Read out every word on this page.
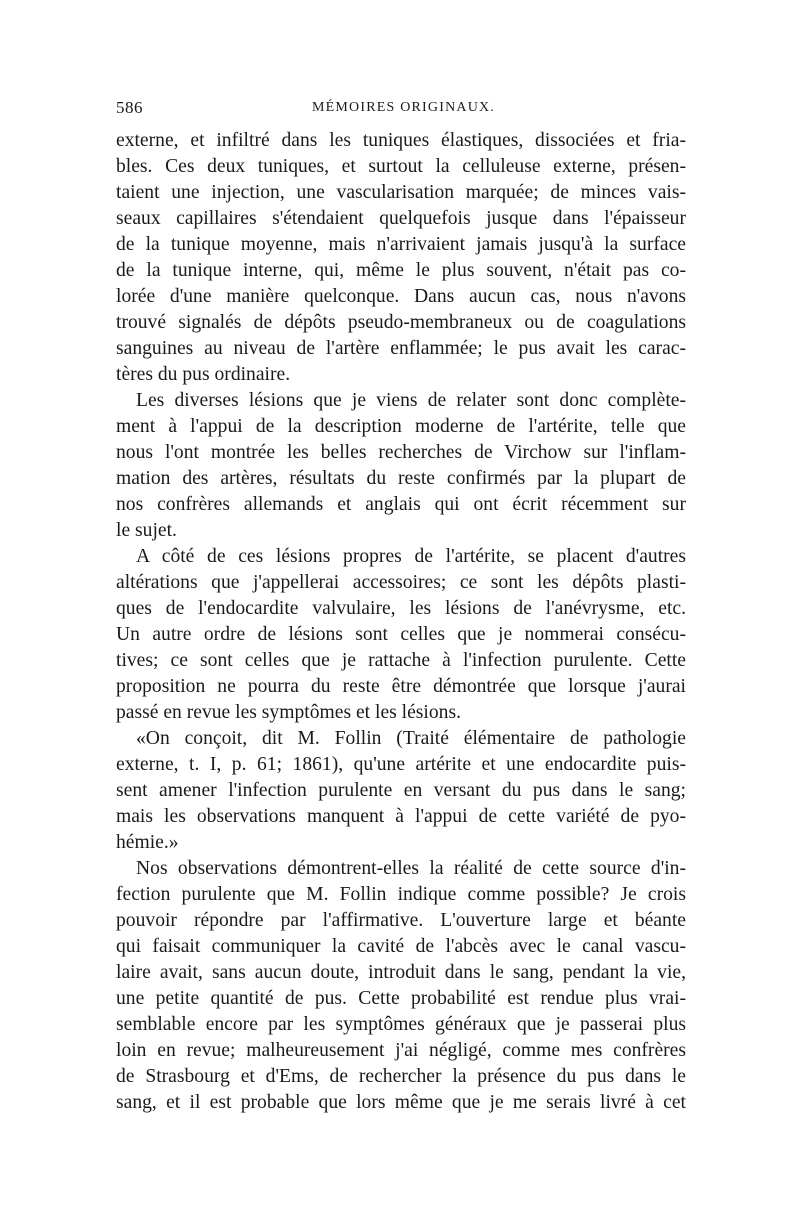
586	MÉMOIRES ORIGINAUX.
externe, et infiltré dans les tuniques élastiques, dissociées et fria-
bles. Ces deux tuniques, et surtout la celluleuse externe, présen-
taient une injection, une vascularisation marquée; de minces vais-
seaux capillaires s'étendaient quelquefois jusque dans l'épaisseur
de la tunique moyenne, mais n'arrivaient jamais jusqu'à la surface
de la tunique interne, qui, même le plus souvent, n'était pas co-
lorée d'une manière quelconque. Dans aucun cas, nous n'avons
trouvé signalés de dépôts pseudo-membraneux ou de coagulations
sanguines au niveau de l'artère enflammée; le pus avait les carac-
tères du pus ordinaire.
Les diverses lésions que je viens de relater sont donc complète-
ment à l'appui de la description moderne de l'artérite, telle que
nous l'ont montrée les belles recherches de Virchow sur l'inflam-
mation des artères, résultats du reste confirmés par la plupart de
nos confrères allemands et anglais qui ont écrit récemment sur
le sujet.
A côté de ces lésions propres de l'artérite, se placent d'autres
altérations que j'appellerai accessoires; ce sont les dépôts plasti-
ques de l'endocardite valvulaire, les lésions de l'anévrysme, etc.
Un autre ordre de lésions sont celles que je nommerai consécu-
tives; ce sont celles que je rattache à l'infection purulente. Cette
proposition ne pourra du reste être démontrée que lorsque j'aurai
passé en revue les symptômes et les lésions.
«On conçoit, dit M. Follin (Traité élémentaire de pathologie
externe, t. I, p. 61; 1861), qu'une artérite et une endocardite puis-
sent amener l'infection purulente en versant du pus dans le sang;
mais les observations manquent à l'appui de cette variété de pyo-
hémie.»
Nos observations démontrent-elles la réalité de cette source d'in-
fection purulente que M. Follin indique comme possible? Je crois
pouvoir répondre par l'affirmative. L'ouverture large et béante
qui faisait communiquer la cavité de l'abcès avec le canal vascu-
laire avait, sans aucun doute, introduit dans le sang, pendant la vie,
une petite quantité de pus. Cette probabilité est rendue plus vrai-
semblable encore par les symptômes généraux que je passerai plus
loin en revue; malheureusement j'ai négligé, comme mes confrères
de Strasbourg et d'Ems, de rechercher la présence du pus dans le
sang, et il est probable que lors même que je me serais livré à cet
